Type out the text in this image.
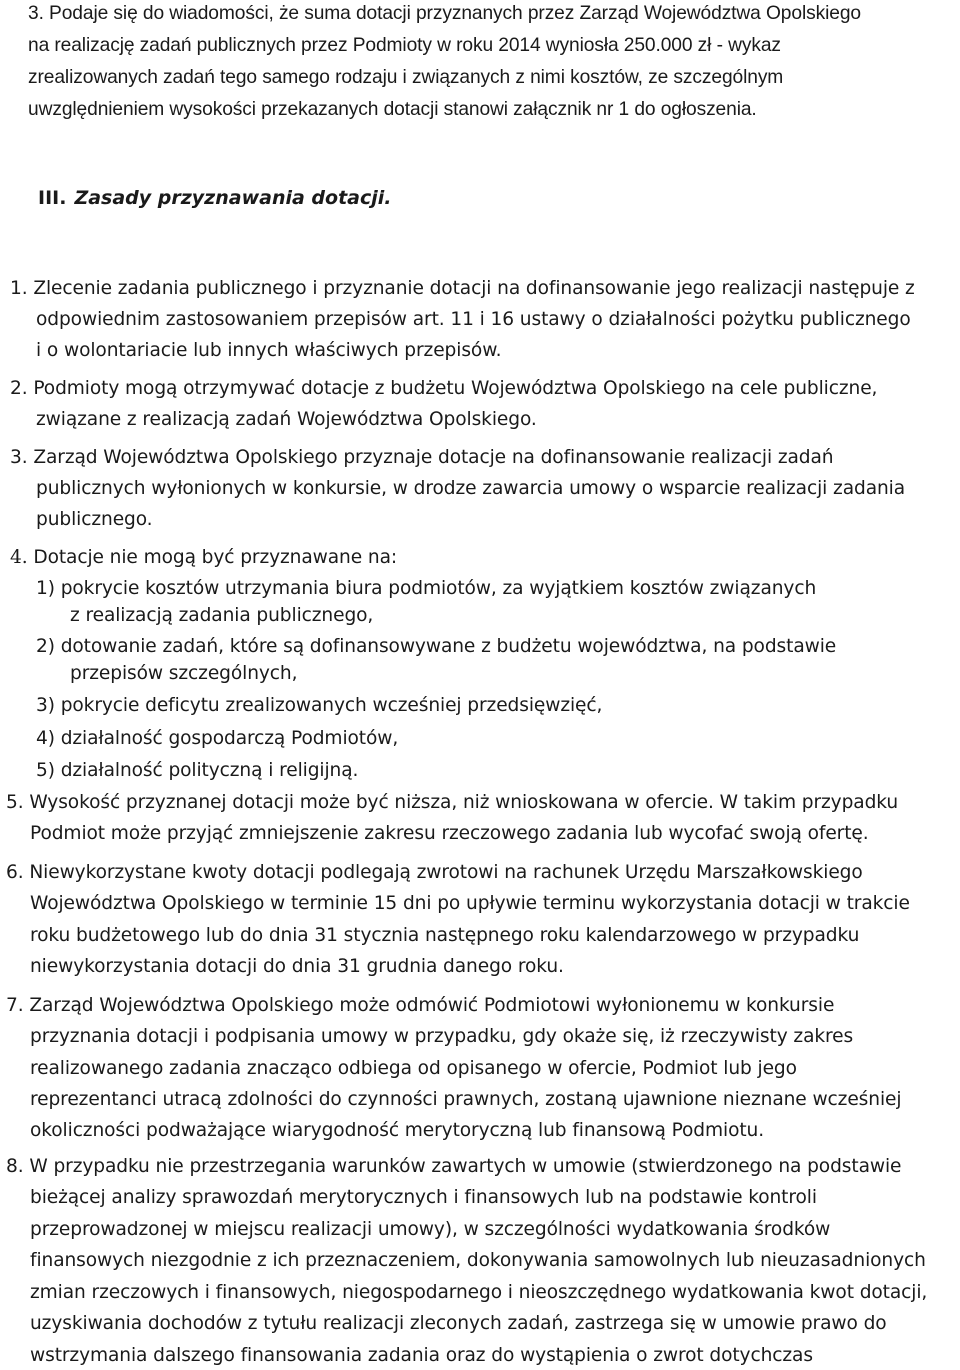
3. Podaje się do wiadomości, że suma dotacji przyznanych przez Zarząd Województwa Opolskiego
na realizację zadań publicznych przez Podmioty w roku 2014 wyniosła 250.000 zł - wykaz
zrealizowanych zadań tego samego rodzaju i związanych z nimi kosztów, ze szczególnym
uwzględnieniem wysokości przekazanych dotacji stanowi załącznik nr 1 do ogłoszenia.
III. Zasady przyznawania dotacji.
1. Zlecenie zadania publicznego i przyznanie dotacji na dofinansowanie jego realizacji następuje z
odpowiednim zastosowaniem przepisów art. 11 i 16 ustawy o działalności pożytku publicznego
i o wolontariacie lub innych właściwych przepisów.
2. Podmioty mogą otrzymywać dotacje z budżetu Województwa Opolskiego na cele publiczne,
związane z realizacją zadań Województwa Opolskiego.
3. Zarząd Województwa Opolskiego przyznaje dotacje na dofinansowanie realizacji zadań
publicznych wyłonionych w konkursie, w drodze zawarcia umowy o wsparcie realizacji zadania
publicznego.
4. Dotacje nie mogą być przyznawane na:
1) pokrycie kosztów utrzymania biura podmiotów, za wyjątkiem kosztów związanych
z realizacją zadania publicznego,
2) dotowanie zadań, które są dofinansowywane z budżetu województwa, na podstawie
przepisów szczególnych,
3) pokrycie deficytu zrealizowanych wcześniej przedsięwzięć,
4) działalność gospodarczą Podmiotów,
5) działalność polityczną i religijną.
5. Wysokość przyznanej dotacji może być niższa, niż wnioskowana w ofercie. W takim przypadku
Podmiot może przyjąć zmniejszenie zakresu rzeczowego zadania lub wycofać swoją ofertę.
6. Niewykorzystane kwoty dotacji podlegają zwrotowi na rachunek Urzędu Marszałkowskiego
Województwa Opolskiego w terminie 15 dni po upływie terminu wykorzystania dotacji w trakcie
roku budżetowego lub do dnia 31 stycznia następnego roku kalendarzowego w przypadku
niewykorzystania dotacji do dnia 31 grudnia danego roku.
7. Zarząd Województwa Opolskiego może odmówić Podmiotowi wyłonionemu w konkursie
przyznania dotacji i podpisania umowy w przypadku, gdy okaże się, iż rzeczywisty zakres
realizowanego zadania znacząco odbiega od opisanego w ofercie, Podmiot lub jego
reprezentanci utracą zdolności do czynności prawnych, zostaną ujawnione nieznane wcześniej
okoliczności podważające wiarygodność merytoryczną lub finansową Podmiotu.
8. W przypadku nie przestrzegania warunków zawartych w umowie (stwierdzonego na podstawie
bieżącej analizy sprawozdań merytorycznych i finansowych lub na podstawie kontroli
przeprowadzonej w miejscu realizacji umowy), w szczególności wydatkowania środków
finansowych niezgodnie z ich przeznaczeniem, dokonywania samowolnych lub nieuzasadnionych
zmian rzeczowych i finansowych, niegospodarnego i nieoszczędnego wydatkowania kwot dotacji,
uzyskiwania dochodów z tytułu realizacji zleconych zadań, zastrzega się w umowie prawo do
wstrzymania dalszego finansowania zadania oraz do wystąpienia o zwrot dotychczas
